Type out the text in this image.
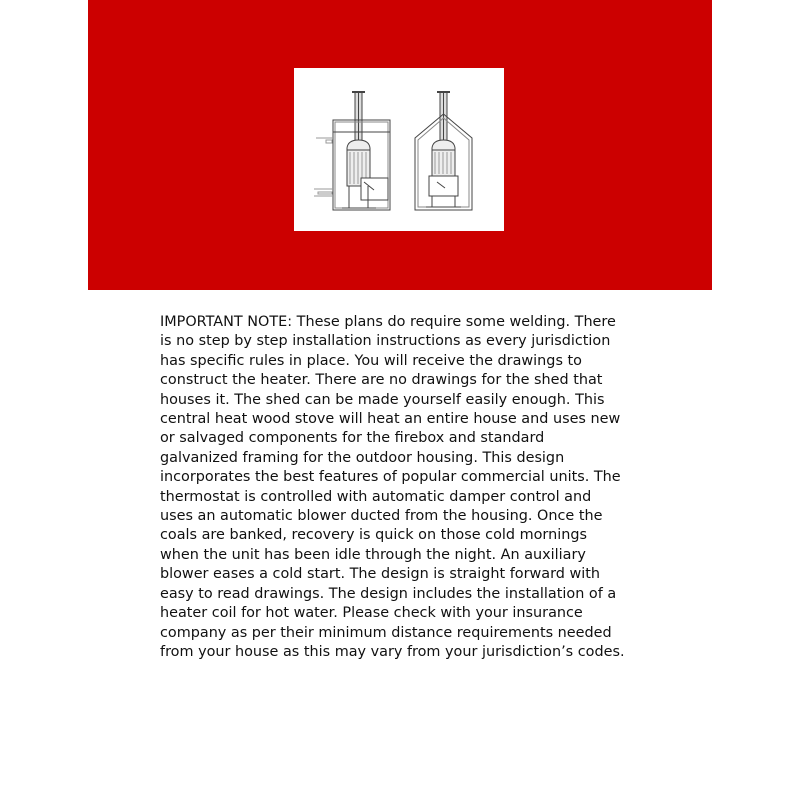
IMPORTANT NOTE: These plans do require some welding. There
is no step by step installation instructions as every jurisdiction
has specific rules in place. You will receive the drawings to
construct the heater. There are no drawings for the shed that
houses it. The shed can be made yourself easily enough. This
central heat wood stove will heat an entire house and uses new
or salvaged components for the firebox and standard
galvanized framing for the outdoor housing. This design
incorporates the best features of popular commercial units. The
thermostat is controlled with automatic damper control and
uses an automatic blower ducted from the housing. Once the
coals are banked, recovery is quick on those cold mornings
when the unit has been idle through the night. An auxiliary
blower eases a cold start. The design is straight forward with
easy to read drawings. The design includes the installation of a
heater coil for hot water. Please check with your insurance
company as per their minimum distance requirements needed
from your house as this may vary from your jurisdiction’s codes.
